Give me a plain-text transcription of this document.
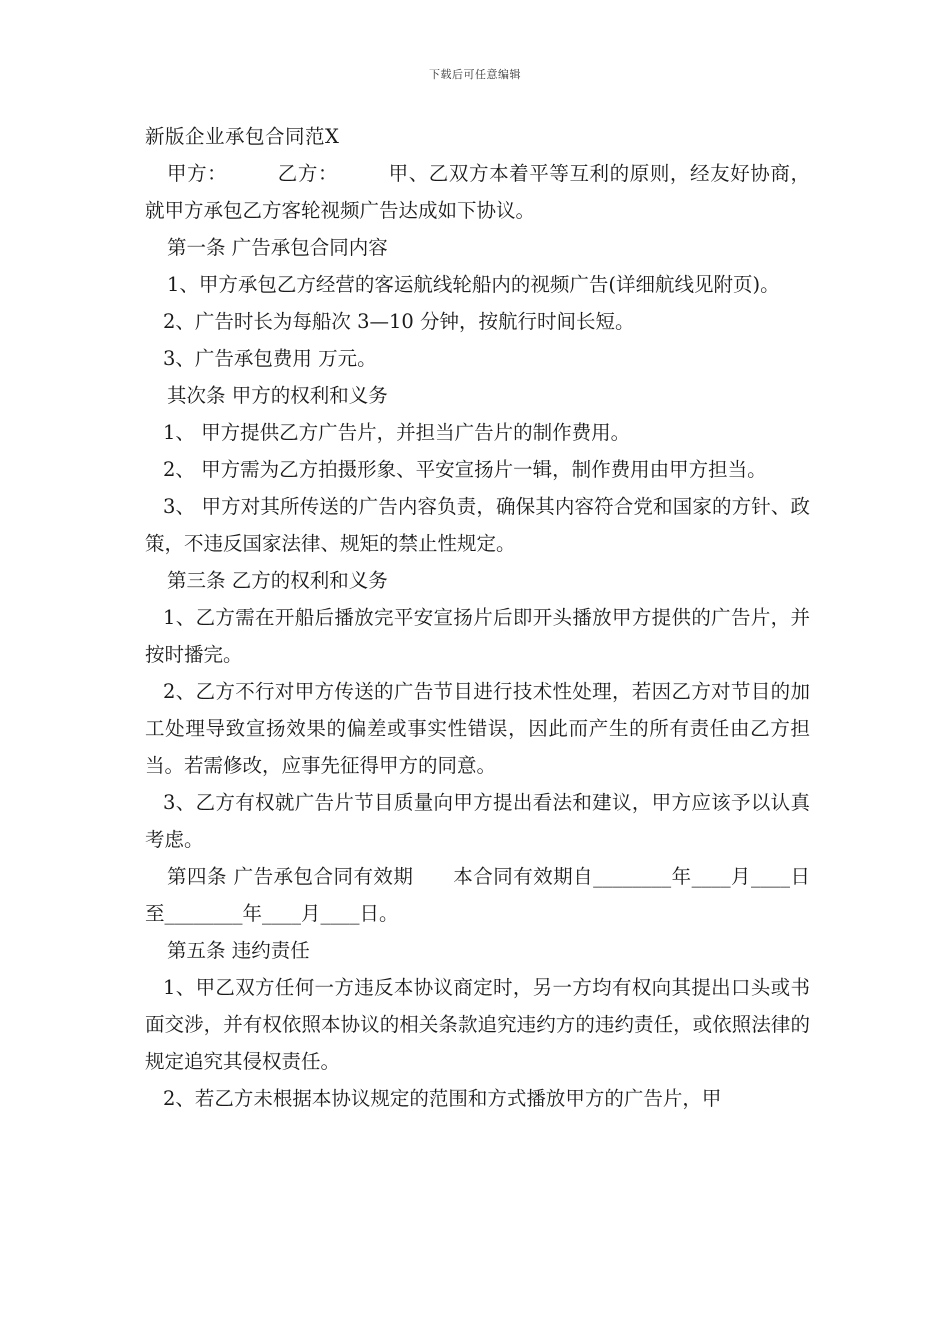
下载后可任意编辑

新版企业承包合同范X

甲方：　　　乙方：　　　甲、乙双方本着平等互利的原则，经友好协商，就甲方承包乙方客轮视频广告达成如下协议。

第一条 广告承包合同内容

1、甲方承包乙方经营的客运航线轮船内的视频广告(详细航线见附页)。

2、广告时长为每船次 3—10 分钟，按航行时间长短。

3、广告承包费用 万元。

其次条 甲方的权利和义务

1、 甲方提供乙方广告片，并担当广告片的制作费用。

2、 甲方需为乙方拍摄形象、平安宣扬片一辑，制作费用由甲方担当。

3、 甲方对其所传送的广告内容负责，确保其内容符合党和国家的方针、政策，不违反国家法律、规矩的禁止性规定。

第三条 乙方的权利和义务

1、乙方需在开船后播放完平安宣扬片后即开头播放甲方提供的广告片，并按时播完。

2、乙方不行对甲方传送的广告节目进行技术性处理，若因乙方对节目的加工处理导致宣扬效果的偏差或事实性错误，因此而产生的所有责任由乙方担当。若需修改，应事先征得甲方的同意。

3、乙方有权就广告片节目质量向甲方提出看法和建议，甲方应该予以认真考虑。

第四条 广告承包合同有效期　　本合同有效期自________年____月____日至________年____月____日。

第五条 违约责任

1、甲乙双方任何一方违反本协议商定时，另一方均有权向其提出口头或书面交涉，并有权依照本协议的相关条款追究违约方的违约责任，或依照法律的规定追究其侵权责任。

2、若乙方未根据本协议规定的范围和方式播放甲方的广告片，甲
